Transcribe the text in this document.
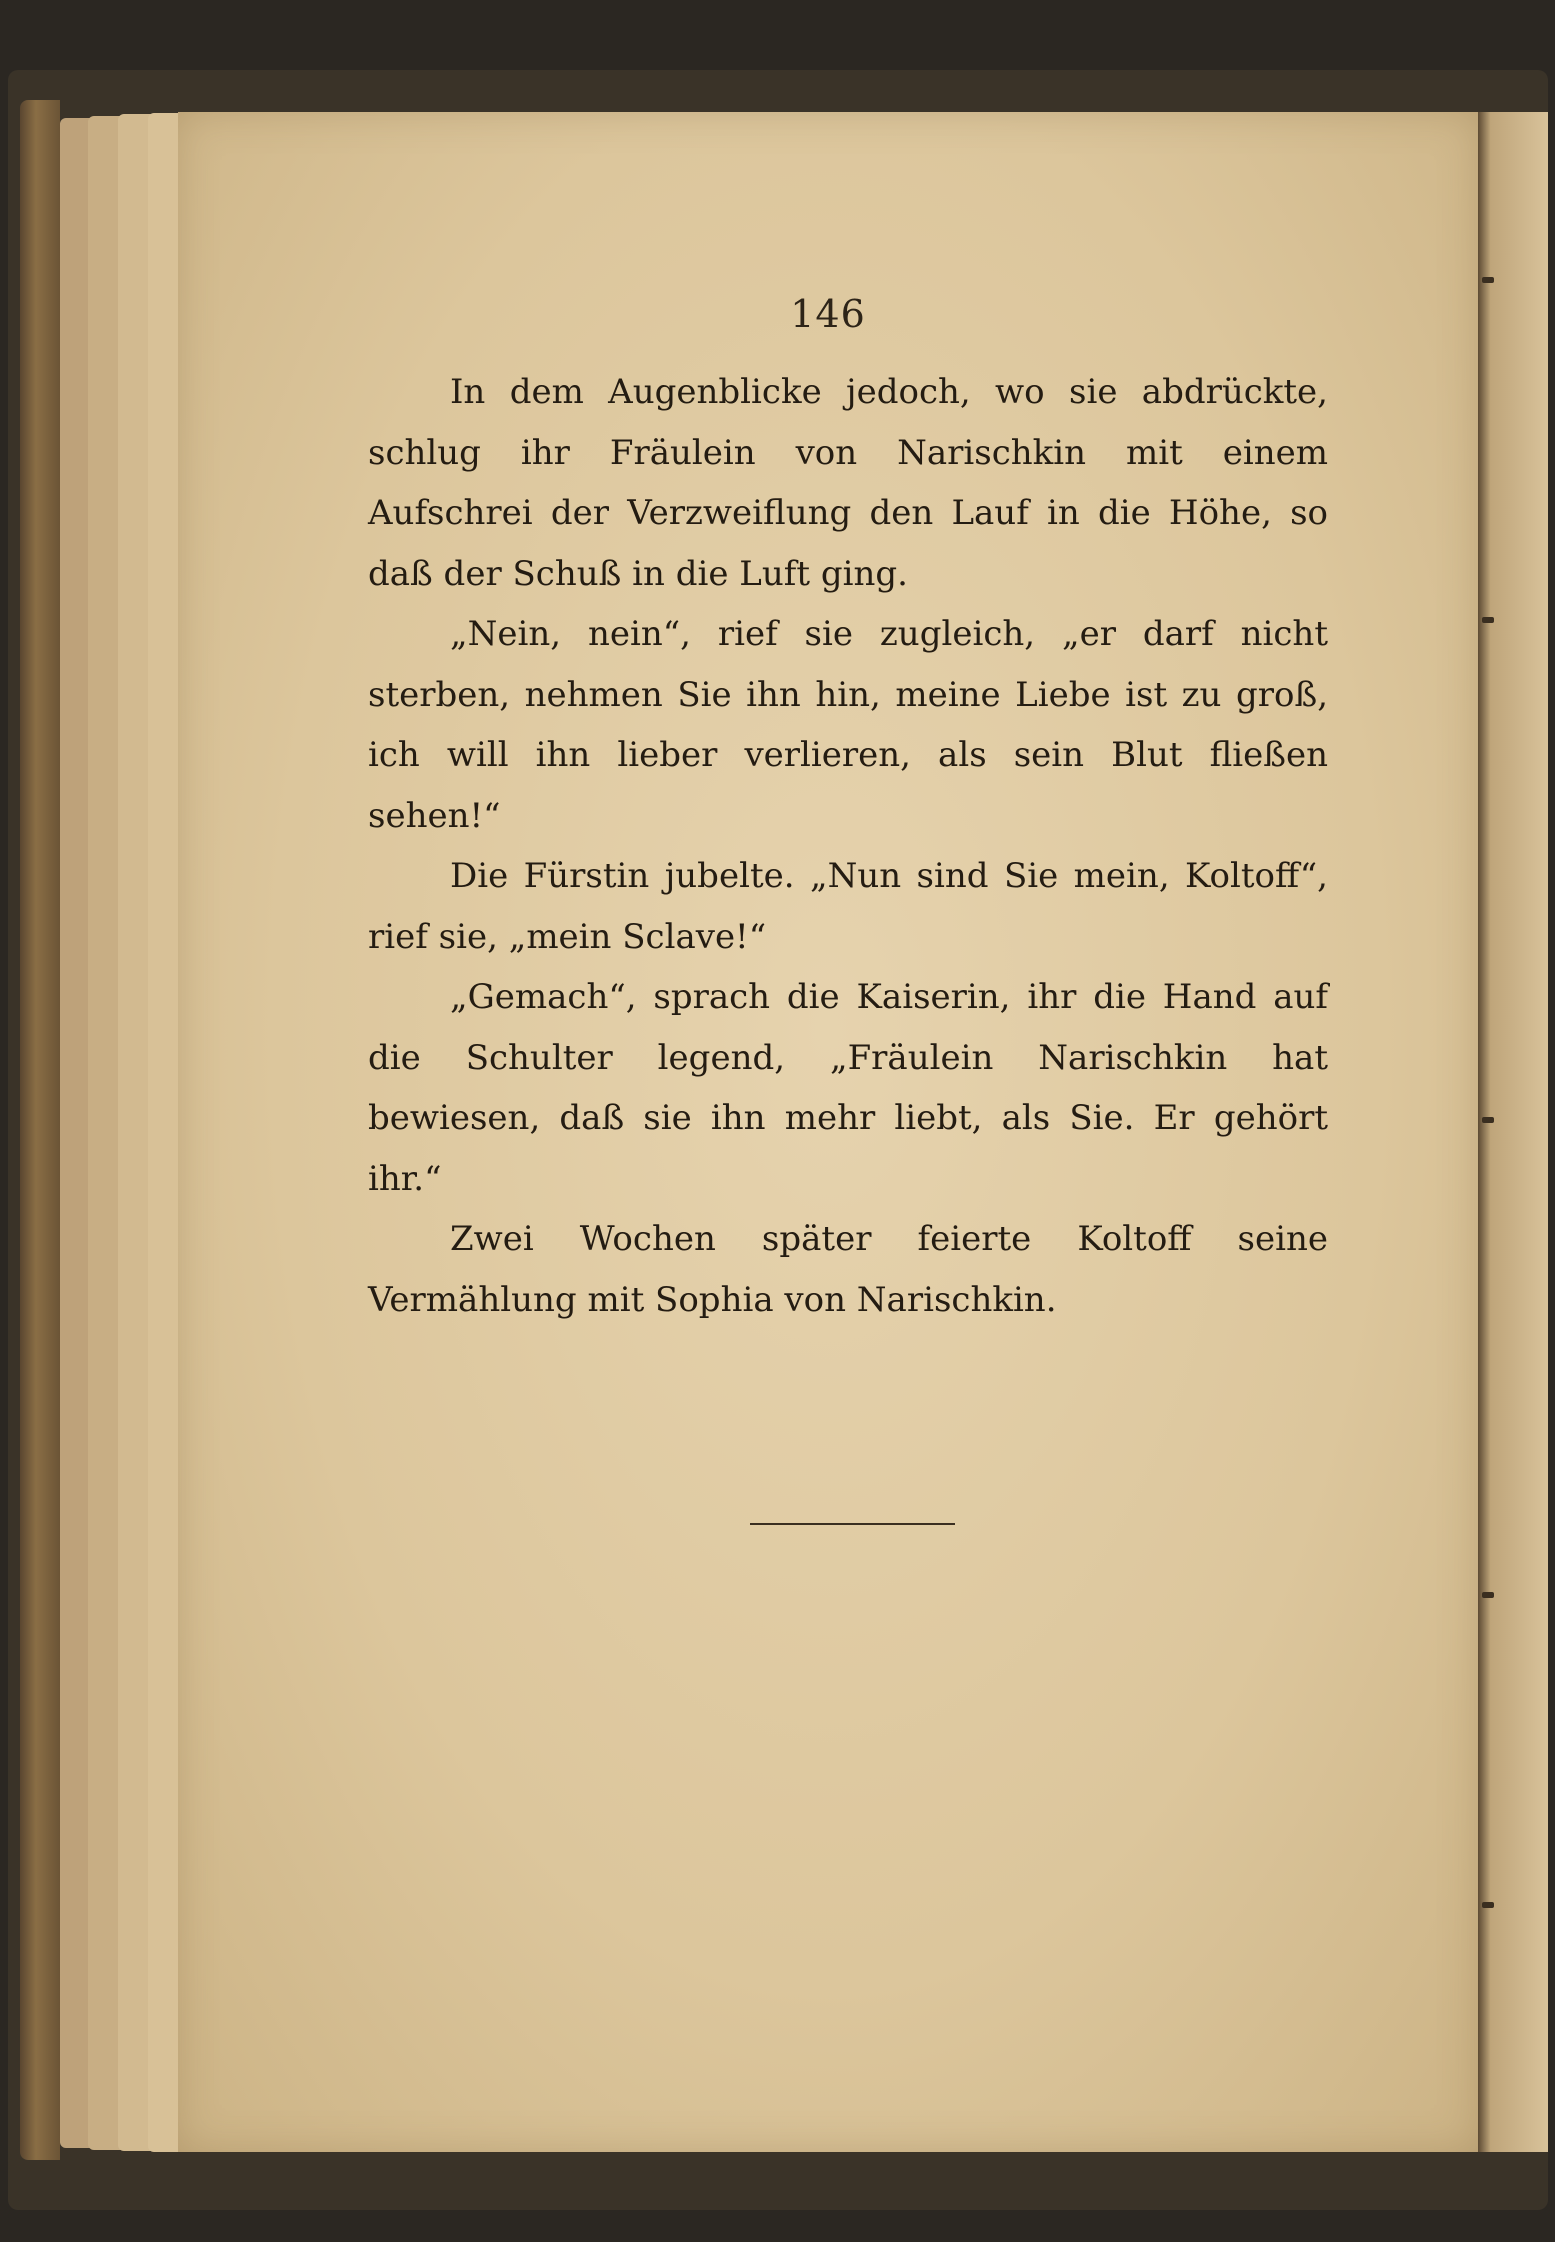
146

In dem Augenblicke jedoch, wo sie abdrückte, schlug ihr Fräulein von Narischkin mit einem Aufschrei der Verzweiflung den Lauf in die Höhe, so daß der Schuß in die Luft ging.

„Nein, nein“, rief sie zugleich, „er darf nicht sterben, nehmen Sie ihn hin, meine Liebe ist zu groß, ich will ihn lieber verlieren, als sein Blut fließen sehen!“

Die Fürstin jubelte. „Nun sind Sie mein, Koltoff“, rief sie, „mein Sclave!“

„Gemach“, sprach die Kaiserin, ihr die Hand auf die Schulter legend, „Fräulein Narischkin hat bewiesen, daß sie ihn mehr liebt, als Sie. Er gehört ihr.“

Zwei Wochen später feierte Koltoff seine Vermählung mit Sophia von Narischkin.
